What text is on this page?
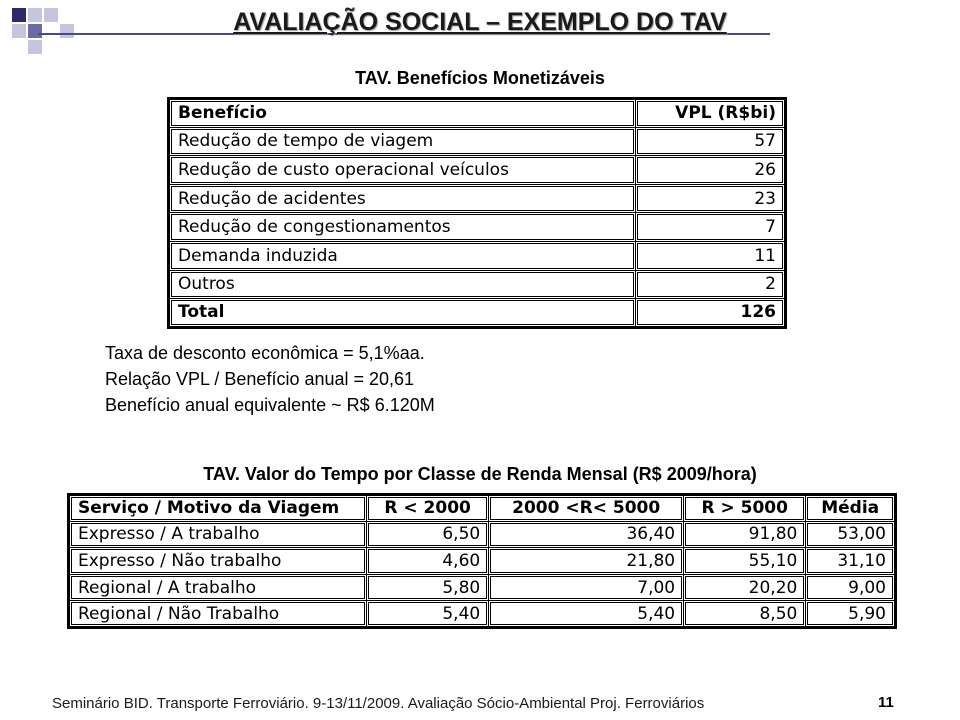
AVALIAÇÃO SOCIAL – EXEMPLO DO TAV
TAV. Benefícios Monetizáveis
Benefício	VPL (R$bi)
Redução de tempo de viagem	57
Redução de custo operacional veículos	26
Redução de acidentes	23
Redução de congestionamentos	7
Demanda induzida	11
Outros	2
Total	126
Taxa de desconto econômica = 5,1%aa.
Relação VPL / Benefício anual = 20,61
Benefício anual equivalente ~ R$ 6.120M
TAV. Valor do Tempo por Classe de Renda Mensal (R$ 2009/hora)
Serviço / Motivo da Viagem	R < 2000	2000 <R< 5000	R > 5000	Média
Expresso / A trabalho	6,50	36,40	91,80	53,00
Expresso / Não trabalho	4,60	21,80	55,10	31,10
Regional / A trabalho	5,80	7,00	20,20	9,00
Regional / Não Trabalho	5,40	5,40	8,50	5,90
Seminário BID. Transporte Ferroviário. 9-13/11/2009. Avaliação Sócio-Ambiental Proj. Ferroviários	11
